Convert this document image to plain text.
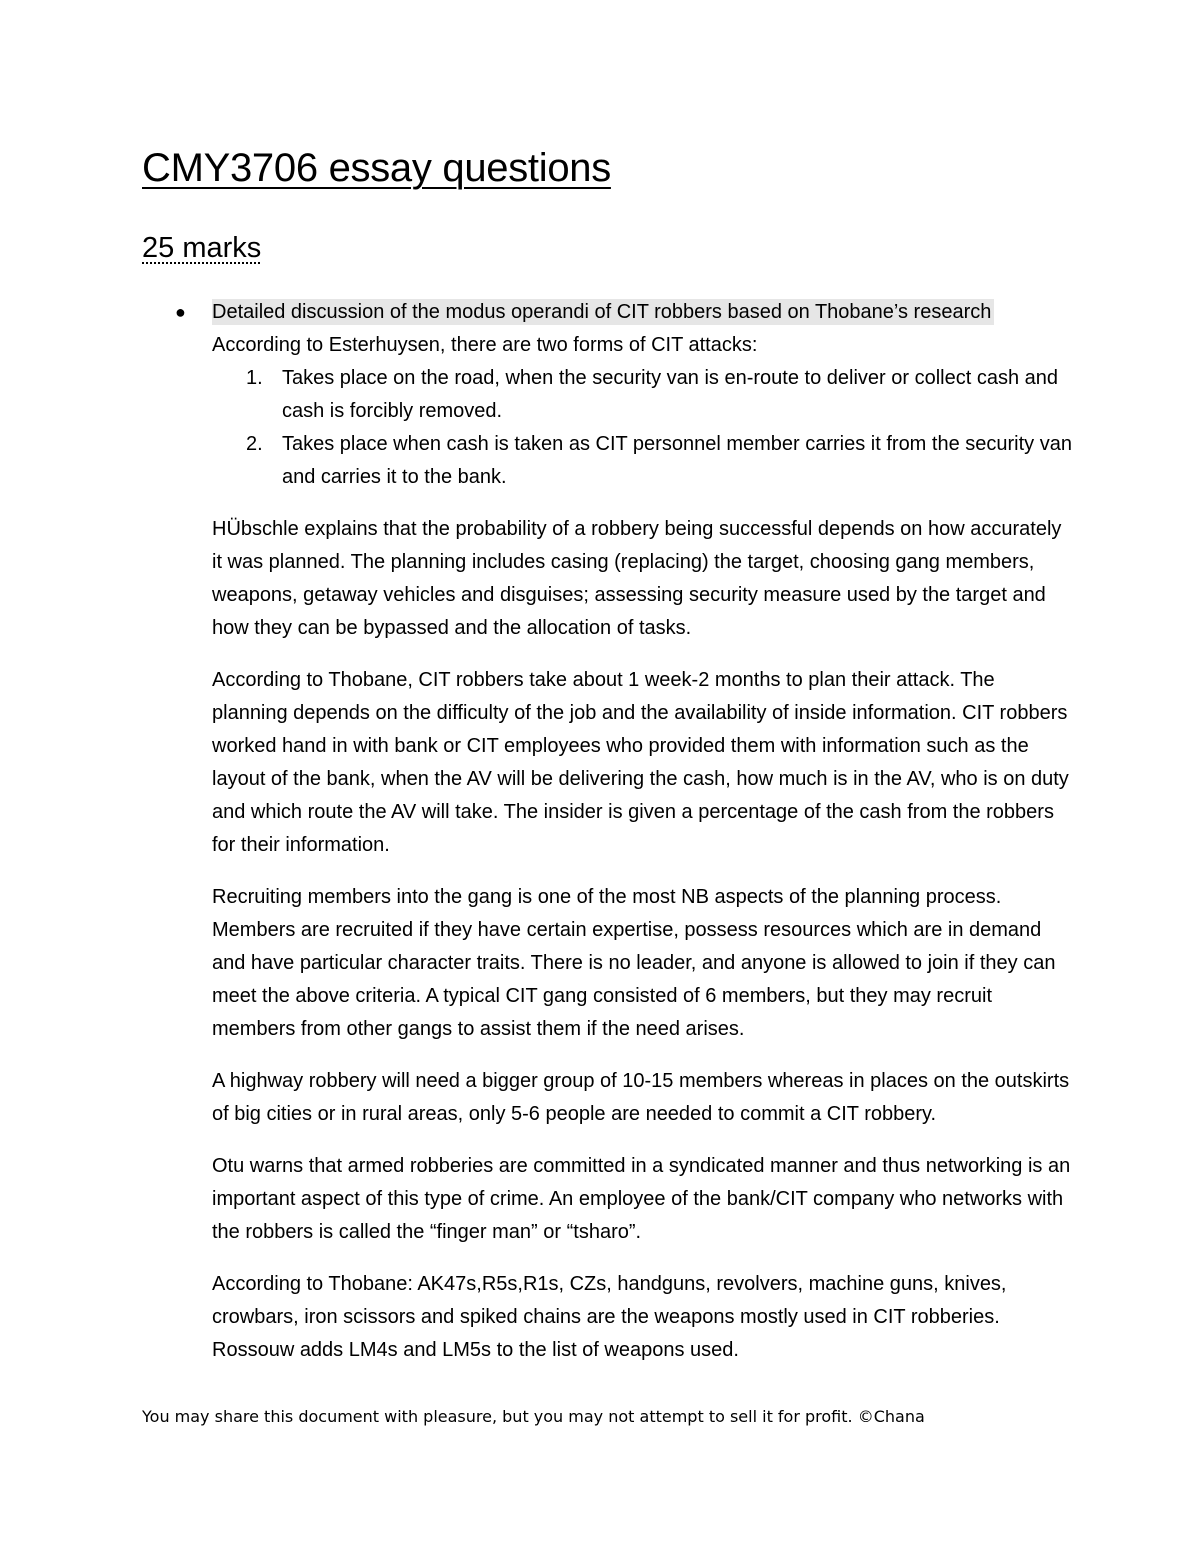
CMY3706 essay questions
25 marks
● Detailed discussion of the modus operandi of CIT robbers based on Thobane’s research
According to Esterhuysen, there are two forms of CIT attacks:
1. Takes place on the road, when the security van is en-route to deliver or collect cash and cash is forcibly removed.
2. Takes place when cash is taken as CIT personnel member carries it from the security van and carries it to the bank.

HÜbschle explains that the probability of a robbery being successful depends on how accurately it was planned. The planning includes casing (replacing) the target, choosing gang members, weapons, getaway vehicles and disguises; assessing security measure used by the target and how they can be bypassed and the allocation of tasks.

According to Thobane, CIT robbers take about 1 week-2 months to plan their attack. The planning depends on the difficulty of the job and the availability of inside information. CIT robbers worked hand in with bank or CIT employees who provided them with information such as the layout of the bank, when the AV will be delivering the cash, how much is in the AV, who is on duty and which route the AV will take. The insider is given a percentage of the cash from the robbers for their information.

Recruiting members into the gang is one of the most NB aspects of the planning process. Members are recruited if they have certain expertise, possess resources which are in demand and have particular character traits. There is no leader, and anyone is allowed to join if they can meet the above criteria. A typical CIT gang consisted of 6 members, but they may recruit members from other gangs to assist them if the need arises.

A highway robbery will need a bigger group of 10-15 members whereas in places on the outskirts of big cities or in rural areas, only 5-6 people are needed to commit a CIT robbery.

Otu warns that armed robberies are committed in a syndicated manner and thus networking is an important aspect of this type of crime. An employee of the bank/CIT company who networks with the robbers is called the “finger man” or “tsharo”.

According to Thobane: AK47s,R5s,R1s, CZs, handguns, revolvers, machine guns, knives, crowbars, iron scissors and spiked chains are the weapons mostly used in CIT robberies. Rossouw adds LM4s and LM5s to the list of weapons used.

You may share this document with pleasure, but you may not attempt to sell it for profit. ©Chana
